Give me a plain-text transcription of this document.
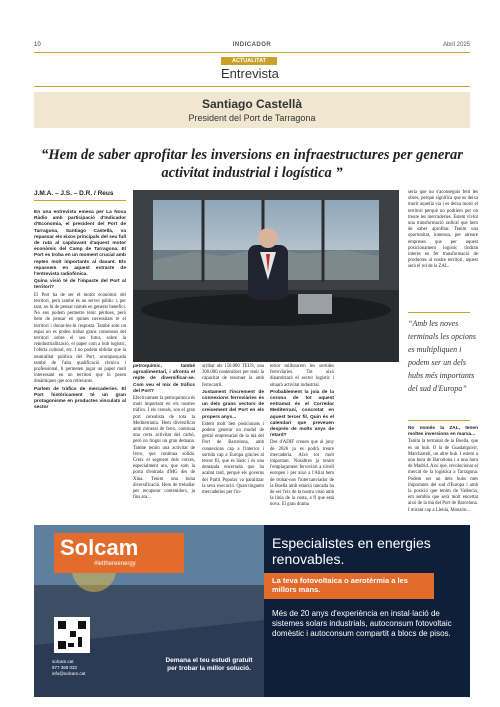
10	INDICADOR	Abril 2025
ACTUALITAT
Entrevista
Santiago Castellà
President del Port de Tarragona
“Hem de saber aprofitar les inversions en infraestructures per generar activitat industrial i logística ”
J.M.A. – J.S. – D.R. / Reus

En una entrevista emesa per La Nova Ràdio amb participació d'Indicador d'Economia, el president del Port de Tarragona, Santiago Castellà, va repassar els eixos principals del seu full de ruta al capdavant d'aquest motor econòmic del Camp de Tarragona. El Port es troba en un moment crucial amb reptes molt importants al davant. Els repassem en aquest extracte de l'entrevista radiofònica.

Quina visió té de l'impacte del Port al territori?

El Port ha de ser el motor econòmic del territori, però també és un servei públic i, per tant, no hi de pensar només en generar benefici. No ens podem permetre tenir pèrdues, però hem de pensar en quines necessitats té el territori i donar-les-hi resposta. També som un espai on es poden trobar grans consensos del territori sobre el seu futur, sobre la reindustrialització, el paper com a hub logístic, l'oferta cultural, etc. I no podem oblidar que la neutralitat política del Port, acompanyada també de l'alta qualificació tècnica i professional, li permeten jugar un paper molt interessant en un territori que hi pesen dinàmiques que són rellevants.

Parlem de tràfics de mercaderies. El Port històricament té un gran protagonisme en productes vinculats al sector

petroquímic, també agroalimentari, i afronta el repte de diversificar-se. Com veu el mix de tràfics del Port?

Efectivament la petroquímica és molt important en els nostres tràfics. I els cereals, son el gran port cerealista de tota la Mediterrània. Hem diversificat amb mineral de ferro, continua una certa activitat del carbó, però no tingui un gran demana. També tenim una activitat de ferro, que continua sòlida. Creix el segment dels cotxes, especialment ara, que som la porta d'entrada d'MG des de Xina. Tenim una bona diversificació. Hem de treballar per recuperar contenidors, ja fins ara...

arribar als 150.000 TEUS, una 300.000 contenidors per tenir la capacitat de tesoruer la amb ferrocarril.

Justament l'increment de connexions ferroviàries és un dels grans vectors de creixement del Port en els propers anys...

Estem molt ben posicionats i podem generar un model de gestió empresarial de la mà del Port de Barcelona, amb connexions cap a l'interior i sortida cap a Europa gràcies al tercer fil, que és bàsic i és una demanda encertada que ha acabat tard, perquè els governs del Partit Popular va paralitzar la seva execució. Quan tinguem mercaderies per l'in-

terior millorarem les sortides ferroviàries. Tot això dinamitzarà el sector logístic i situarà activitat industrial.

Probablement la joia de la corona de tot aquest entramat és el Corredor Mediterrani, concretat en aquest tercer fil. Quin és el calendari que preveuen després de molts anys de retard?

Des d'ADIF creuen que al juny de 2026 ja es podrà treure mercaderia. Això tot molt important. Nosaltres ja tenim l'emplaçament ferroviari a nivell europeu i per això a l'Aliat hem de trobar-nos l'intercanviador de la Boella amb estació tancada ha de ser l'eix de la nostra visió amb la línia de la costa, a fi que està nova. El gran drama

seria que no s'aconseguís fent les obres, perquè significa que es deixa morir aquella via i es deixa morir el territori perquè no podríem per on treure les mercaderies. Estem vivint una transformació radical que hem de saber aprofitar. Tenim una oportunitat, inmensa, per atreure empreses que per aquest posicionament logístic tindran interès en fer transformació de productes al nostre territori, aquest serà el rol de la ZAL.

“Amb les noves terminals les opcions es multipliquen i podem ser un dels hubs més importants del sud d'Europa”

No només la ZAL, tenen moltes inversions en marxa...

Tenim la terminal de la Boella, que és un hub. O la de Guadalquivir, Marcharrell, un altre hub. I estem a una hora de Barcelona i a una hora de Madrid. Així que, revolucionar el mercat de la logística a Tarragona. Podem ser un dels hubs més importants del sud d'Europa i amb la posició que tenim de València, em sembla que serà molt encertat això de la mà del Port de Barcelona. I mirant cap a Lleida, Monzón...

Solcam
#letthereenergy
solcam.cat
977 368 032
info@solcam.cat
Demana el teu estudi gratuït per trobar la millor solució.
Especialistes en energies renovables.
La teva fotovoltaica o aerotèrmia a les millors mans.
Més de 20 anys d'experiència en instal·lació de sistemes solars industrials, autoconsum fotovoltaic domèstic i autoconsum compartit a blocs de pisos.
